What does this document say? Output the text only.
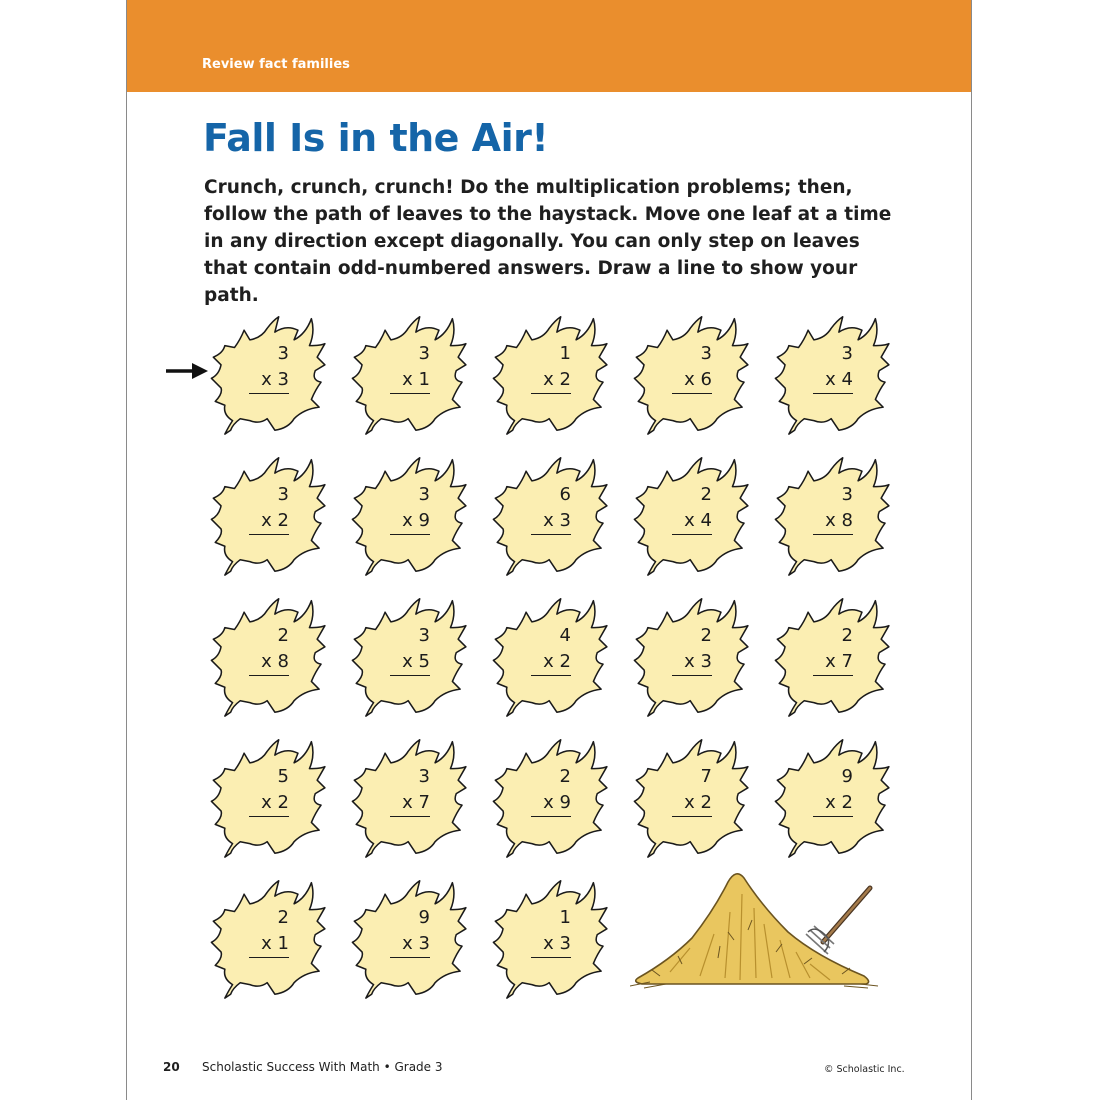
Review fact families
Fall Is in the Air!

Crunch, crunch, crunch! Do the multiplication problems; then, follow the path of leaves to the haystack. Move one leaf at a time in any direction except diagonally. You can only step on leaves that contain odd-numbered answers. Draw a line to show your path.

3
x 3
3
x 1
1
x 2
3
x 6
3
x 4
3
x 2
3
x 9
6
x 3
2
x 4
3
x 8
2
x 8
3
x 5
4
x 2
2
x 3
2
x 7
5
x 2
3
x 7
2
x 9
7
x 2
9
x 2
2
x 1
9
x 3
1
x 3
20 Scholastic Success With Math • Grade 3	© Scholastic Inc.
